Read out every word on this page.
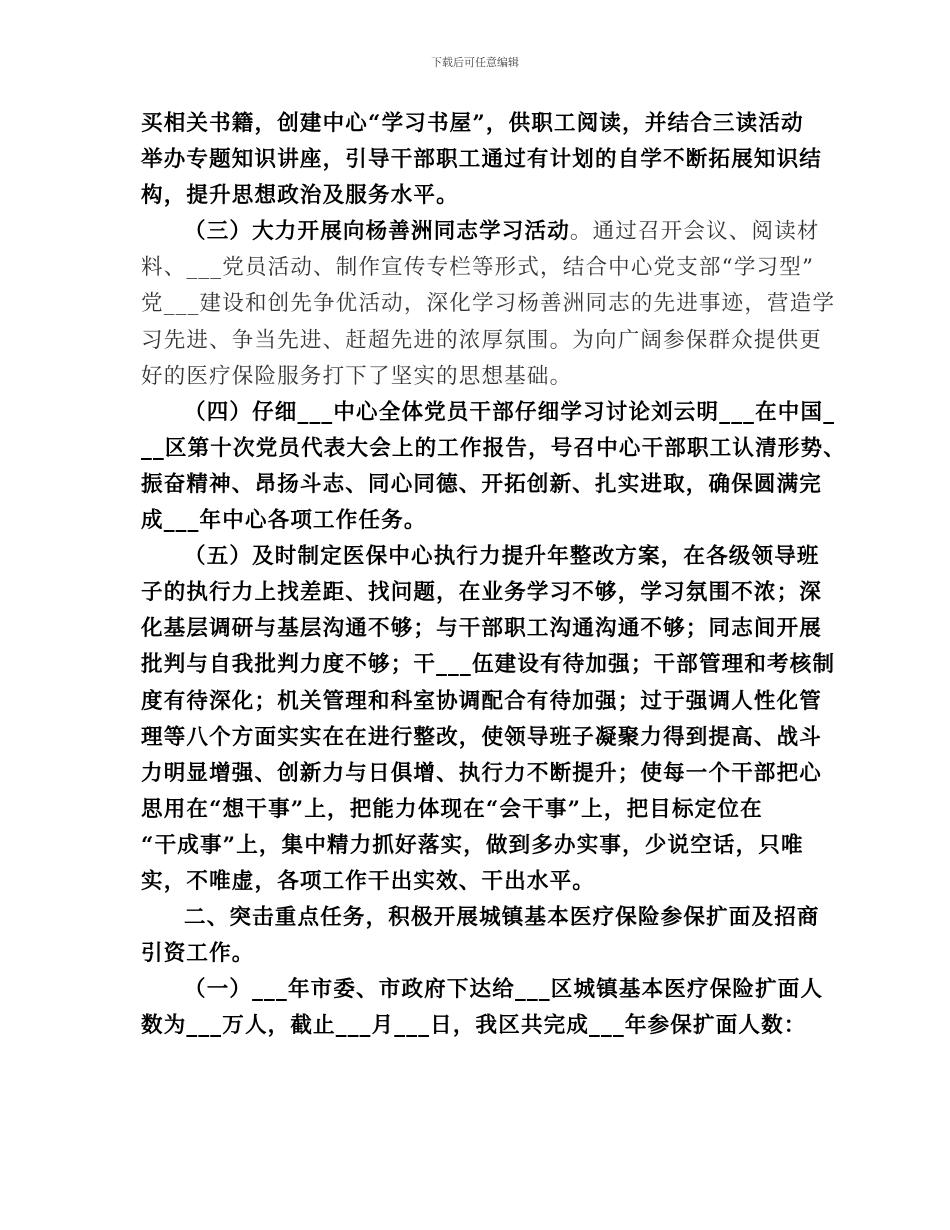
下载后可任意编辑
买相关书籍，创建中心“学习书屋”，供职工阅读，并结合三读活动
举办专题知识讲座，引导干部职工通过有计划的自学不断拓展知识结
构，提升思想政治及服务水平。
（三）大力开展向杨善洲同志学习活动。通过召开会议、阅读材
料、___党员活动、制作宣传专栏等形式，结合中心党支部“学习型”
党___建设和创先争优活动，深化学习杨善洲同志的先进事迹，营造学
习先进、争当先进、赶超先进的浓厚氛围。为向广阔参保群众提供更
好的医疗保险服务打下了坚实的思想基础。
（四）仔细___中心全体党员干部仔细学习讨论刘云明___在中国_
__区第十次党员代表大会上的工作报告，号召中心干部职工认清形势、
振奋精神、昂扬斗志、同心同德、开拓创新、扎实进取，确保圆满完
成___年中心各项工作任务。
（五）及时制定医保中心执行力提升年整改方案，在各级领导班
子的执行力上找差距、找问题，在业务学习不够，学习氛围不浓；深
化基层调研与基层沟通不够；与干部职工沟通沟通不够；同志间开展
批判与自我批判力度不够；干___伍建设有待加强；干部管理和考核制
度有待深化；机关管理和科室协调配合有待加强；过于强调人性化管
理等八个方面实实在在进行整改，使领导班子凝聚力得到提高、战斗
力明显增强、创新力与日俱增、执行力不断提升；使每一个干部把心
思用在“想干事”上，把能力体现在“会干事”上，把目标定位在
“干成事”上，集中精力抓好落实，做到多办实事，少说空话，只唯
实，不唯虚，各项工作干出实效、干出水平。
二、突击重点任务，积极开展城镇基本医疗保险参保扩面及招商
引资工作。
（一）___年市委、市政府下达给___区城镇基本医疗保险扩面人
数为___万人，截止___月___日，我区共完成___年参保扩面人数：
